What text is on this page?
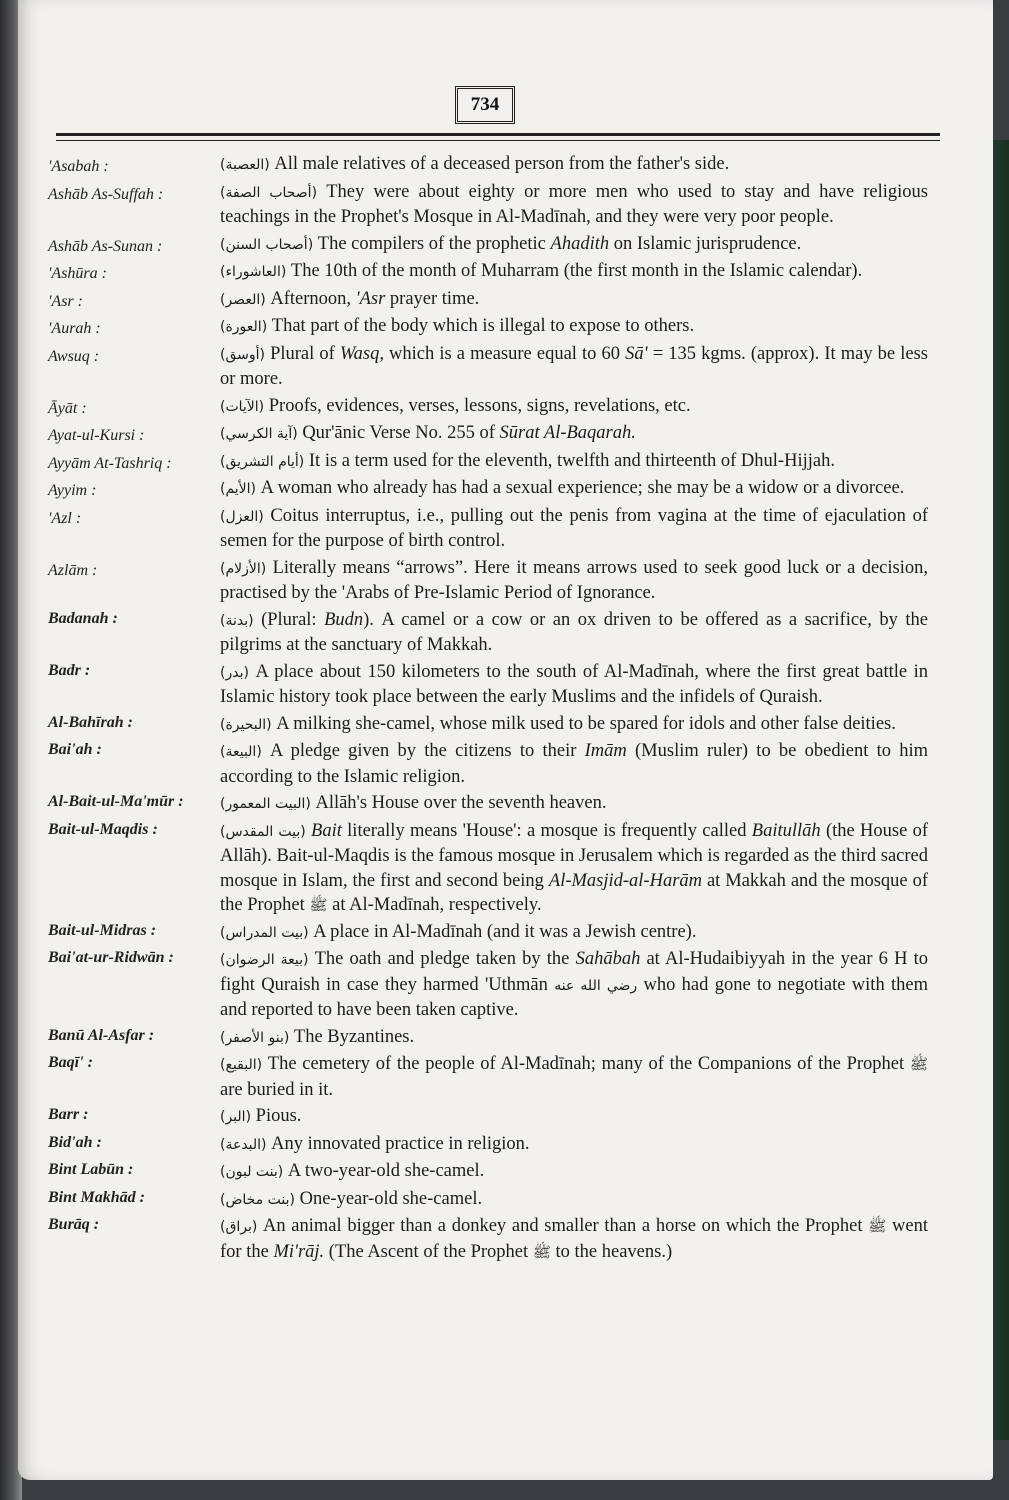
734
'Asabah :	(العصبة) All male relatives of a deceased person from the father's side.
Ashāb As-Suffah :	(أصحاب الصفة) They were about eighty or more men who used to stay and have religious teachings in the Prophet's Mosque in Al-Madīnah, and they were very poor people.
Ashāb As-Sunan :	(أصحاب السنن) The compilers of the prophetic Ahadith on Islamic jurisprudence.
'Ashūra :	(العاشوراء) The 10th of the month of Muharram (the first month in the Islamic calendar).
'Asr :	(العصر) Afternoon, 'Asr prayer time.
'Aurah :	(العورة) That part of the body which is illegal to expose to others.
Awsuq :	(أوسق) Plural of Wasq, which is a measure equal to 60 Sā' = 135 kgms. (approx). It may be less or more.
Āyāt :	(الآيات) Proofs, evidences, verses, lessons, signs, revelations, etc.
Ayat-ul-Kursi :	(آية الكرسي) Qur'ānic Verse No. 255 of Sūrat Al-Baqarah.
Ayyām At-Tashriq :	(أيام التشريق) It is a term used for the eleventh, twelfth and thirteenth of Dhul-Hijjah.
Ayyim :	(الأيم) A woman who already has had a sexual experience; she may be a widow or a divorcee.
'Azl :	(العزل) Coitus interruptus, i.e., pulling out the penis from vagina at the time of ejaculation of semen for the purpose of birth control.
Azlām :	(الأزلام) Literally means “arrows”. Here it means arrows used to seek good luck or a decision, practised by the 'Arabs of Pre-Islamic Period of Ignorance.
Badanah :	(بدنة) (Plural: Budn). A camel or a cow or an ox driven to be offered as a sacrifice, by the pilgrims at the sanctuary of Makkah.
Badr :	(بدر) A place about 150 kilometers to the south of Al-Madīnah, where the first great battle in Islamic history took place between the early Muslims and the infidels of Quraish.
Al-Bahīrah :	(البحيرة) A milking she-camel, whose milk used to be spared for idols and other false deities.
Bai'ah :	(البيعة) A pledge given by the citizens to their Imām (Muslim ruler) to be obedient to him according to the Islamic religion.
Al-Bait-ul-Ma'mūr :	(البيت المعمور) Allāh's House over the seventh heaven.
Bait-ul-Maqdis :	(بيت المقدس) Bait literally means 'House': a mosque is frequently called Baitullāh (the House of Allāh). Bait-ul-Maqdis is the famous mosque in Jerusalem which is regarded as the third sacred mosque in Islam, the first and second being Al-Masjid-al-Harām at Makkah and the mosque of the Prophet ﷺ at Al-Madīnah, respectively.
Bait-ul-Midras :	(بيت المدراس) A place in Al-Madīnah (and it was a Jewish centre).
Bai'at-ur-Ridwān :	(بيعة الرضوان) The oath and pledge taken by the Sahābah at Al-Hudaibiyyah in the year 6 H to fight Quraish in case they harmed 'Uthmān رضي الله عنه who had gone to negotiate with them and reported to have been taken captive.
Banū Al-Asfar :	(بنو الأصفر) The Byzantines.
Baqī' :	(البقيع) The cemetery of the people of Al-Madīnah; many of the Companions of the Prophet ﷺ are buried in it.
Barr :	(البر) Pious.
Bid'ah :	(البدعة) Any innovated practice in religion.
Bint Labūn :	(بنت لبون) A two-year-old she-camel.
Bint Makhād :	(بنت مخاض) One-year-old she-camel.
Burāq :	(براق) An animal bigger than a donkey and smaller than a horse on which the Prophet ﷺ went for the Mi'rāj. (The Ascent of the Prophet ﷺ to the heavens.)
